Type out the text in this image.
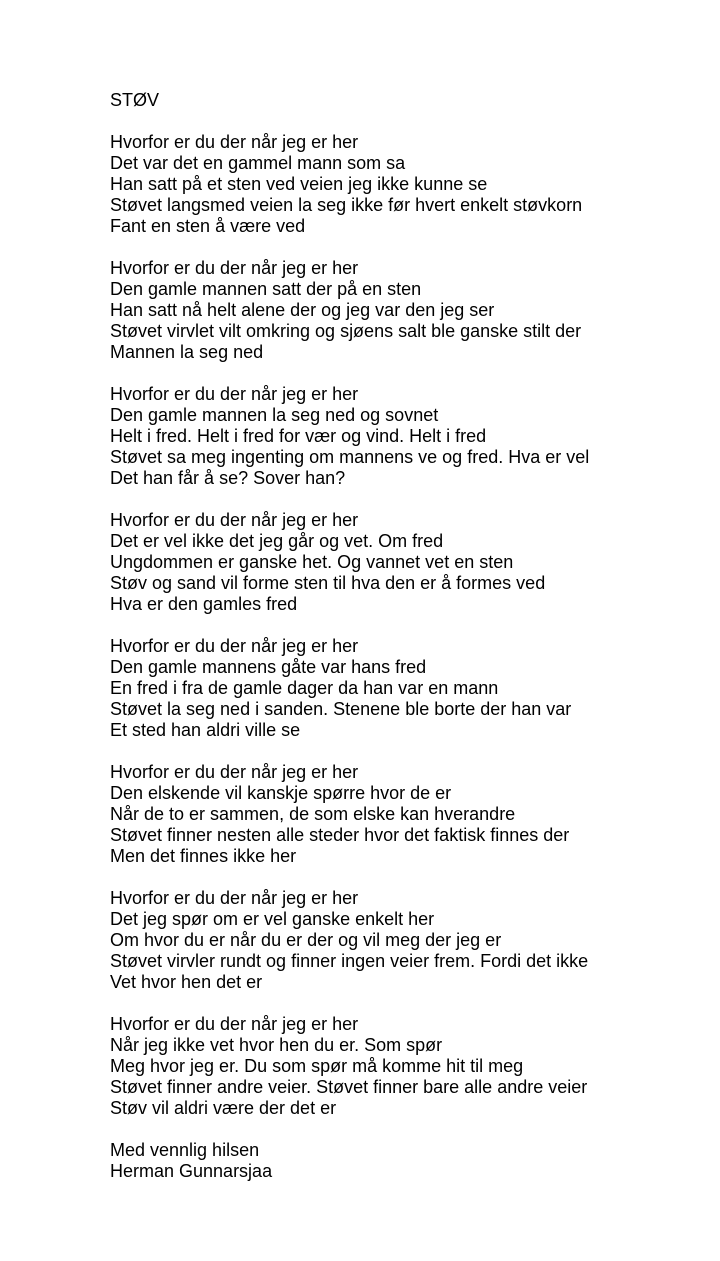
STØV
Hvorfor er du der når jeg er her
Det var det en gammel mann som sa
Han satt på et sten ved veien jeg ikke kunne se
Støvet langsmed veien la seg ikke før hvert enkelt støvkorn
Fant en sten å være ved
Hvorfor er du der når jeg er her
Den gamle mannen satt der på en sten
Han satt nå helt alene der og jeg var den jeg ser
Støvet virvlet vilt omkring og sjøens salt ble ganske stilt der
Mannen la seg ned
Hvorfor er du der når jeg er her
Den gamle mannen la seg ned og sovnet
Helt i fred. Helt i fred for vær og vind. Helt i fred
Støvet sa meg ingenting om mannens ve og fred. Hva er vel
Det han får å se? Sover han?
Hvorfor er du der når jeg er her
Det er vel ikke det jeg går og vet. Om fred
Ungdommen er ganske het. Og vannet vet en sten
Støv og sand vil forme sten til hva den er å formes ved
Hva er den gamles fred
Hvorfor er du der når jeg er her
Den gamle mannens gåte var hans fred
En fred i fra de gamle dager da han var en mann
Støvet la seg ned i sanden. Stenene ble borte der han var
Et sted han aldri ville se
Hvorfor er du der når jeg er her
Den elskende vil kanskje spørre hvor de er
Når de to er sammen, de som elske kan hverandre
Støvet finner nesten alle steder hvor det faktisk finnes der
Men det finnes ikke her
Hvorfor er du der når jeg er her
Det jeg spør om er vel ganske enkelt her
Om hvor du er når du er der og vil meg der jeg er
Støvet virvler rundt og finner ingen veier frem. Fordi det ikke
Vet hvor hen det er
Hvorfor er du der når jeg er her
Når jeg ikke vet hvor hen du er. Som spør
Meg hvor jeg er. Du som spør må komme hit til meg
Støvet finner andre veier. Støvet finner bare alle andre veier
Støv vil aldri være der det er
Med vennlig hilsen
Herman Gunnarsjaa
